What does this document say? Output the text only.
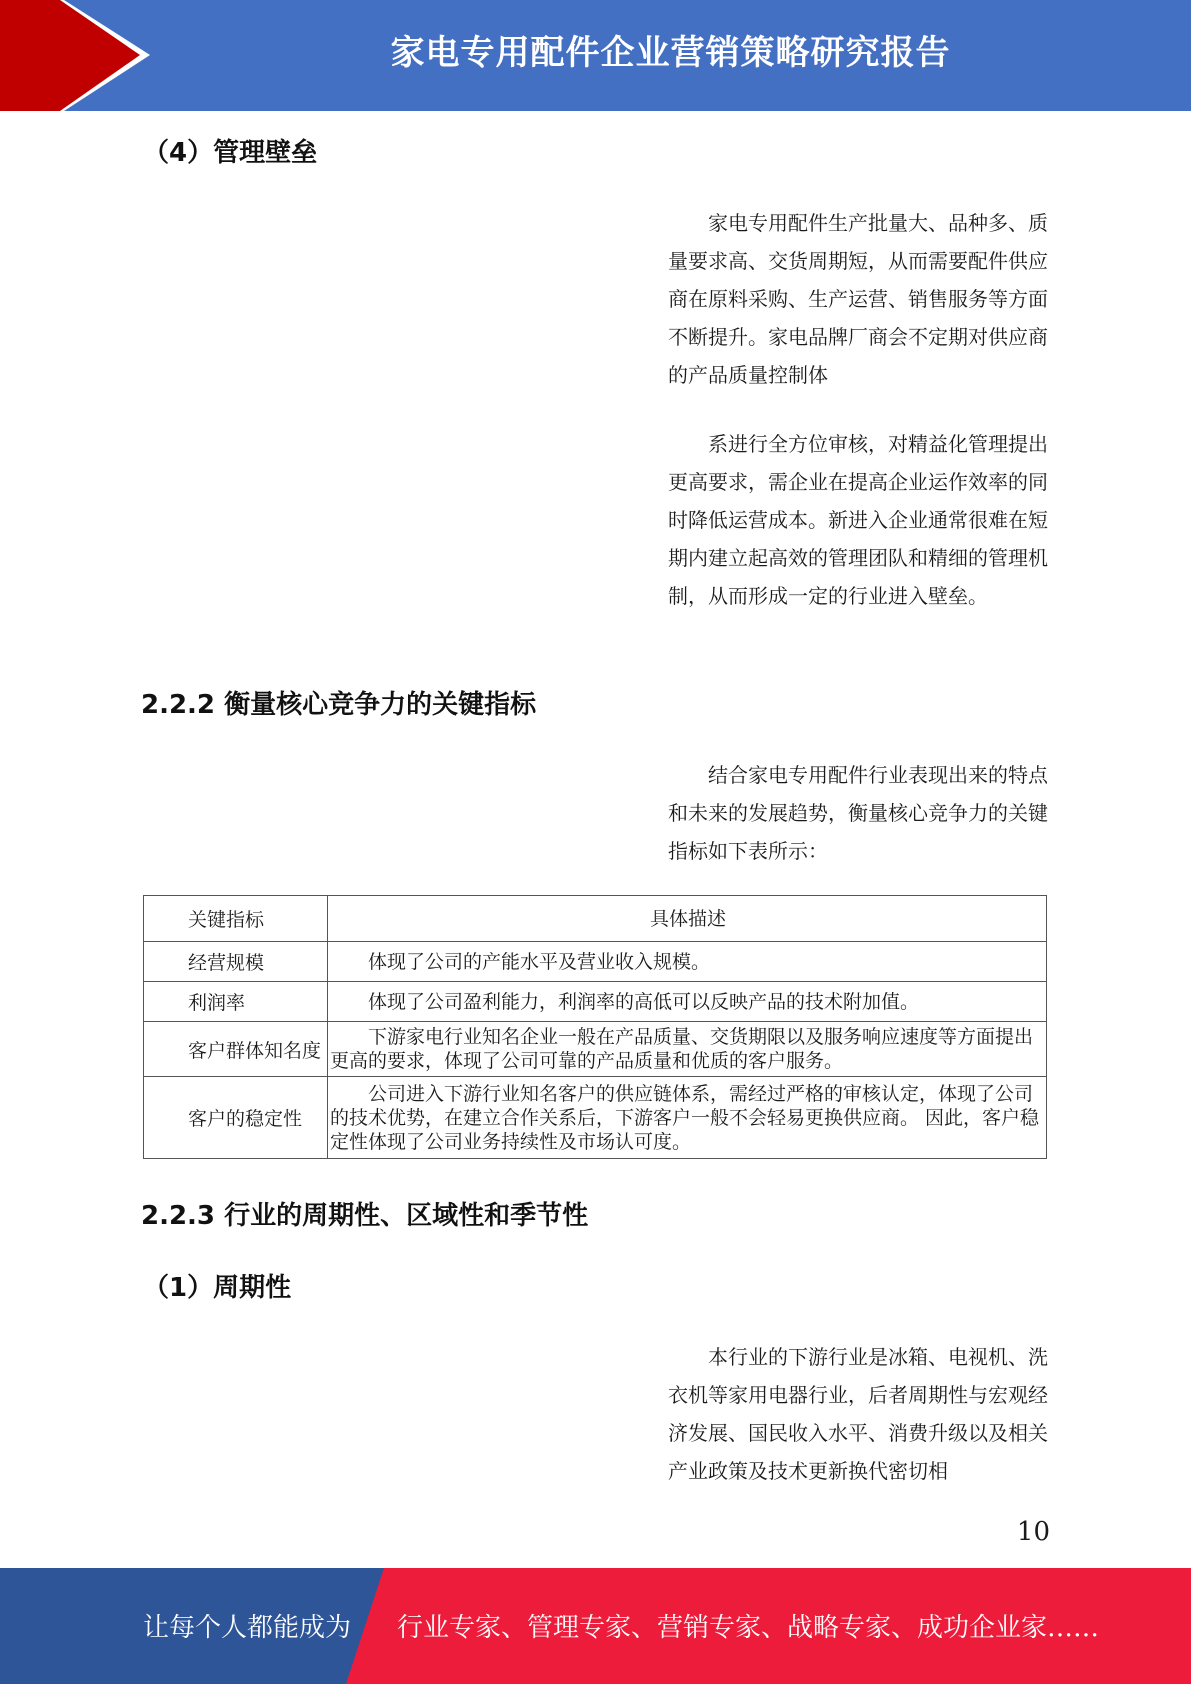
家电专用配件企业营销策略研究报告
（4）管理壁垒
家电专用配件生产批量大、品种多、质量要求高、交货周期短，从而需要配件供应商在原料采购、生产运营、销售服务等方面不断提升。家电品牌厂商会不定期对供应商的产品质量控制体
系进行全方位审核，对精益化管理提出更高要求，需企业在提高企业运作效率的同时降低运营成本。新进入企业通常很难在短期内建立起高效的管理团队和精细的管理机制，从而形成一定的行业进入壁垒。
2.2.2 衡量核心竞争力的关键指标
结合家电专用配件行业表现出来的特点和未来的发展趋势，衡量核心竞争力的关键指标如下表所示：
关键指标	具体描述
经营规模	体现了公司的产能水平及营业收入规模。
利润率	体现了公司盈利能力，利润率的高低可以反映产品的技术附加值。
客户群体知名度	下游家电行业知名企业一般在产品质量、交货期限以及服务响应速度等方面提出更高的要求，体现了公司可靠的产品质量和优质的客户服务。
客户的稳定性	公司进入下游行业知名客户的供应链体系，需经过严格的审核认定，体现了公司的技术优势，在建立合作关系后，下游客户一般不会轻易更换供应商。 因此，客户稳定性体现了公司业务持续性及市场认可度。
2.2.3 行业的周期性、区域性和季节性
（1）周期性
本行业的下游行业是冰箱、电视机、洗衣机等家用电器行业，后者周期性与宏观经济发展、国民收入水平、消费升级以及相关产业政策及技术更新换代密切相
10
让每个人都能成为 行业专家、管理专家、营销专家、战略专家、成功企业家……
